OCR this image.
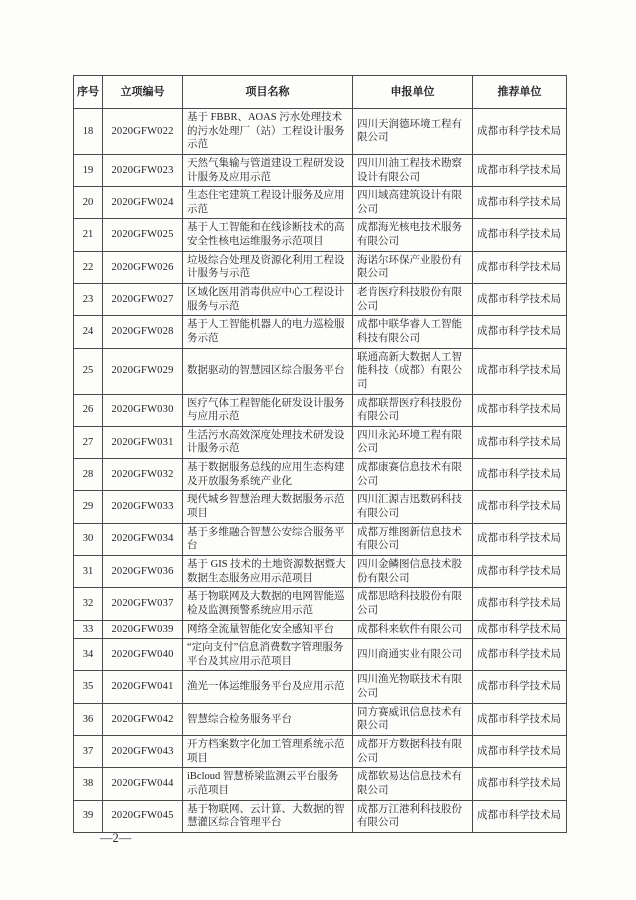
序号	立项编号	项目名称	申报单位	推荐单位
18	2020GFW022	基于 FBBR、AOAS 污水处理技术的污水处理厂（站）工程设计服务示范	四川天润德环境工程有限公司	成都市科学技术局
19	2020GFW023	天然气集输与管道建设工程研发设计服务及应用示范	四川川油工程技术勘察设计有限公司	成都市科学技术局
20	2020GFW024	生态住宅建筑工程设计服务及应用示范	四川域高建筑设计有限公司	成都市科学技术局
21	2020GFW025	基于人工智能和在线诊断技术的高安全性核电运维服务示范项目	成都海光核电技术服务有限公司	成都市科学技术局
22	2020GFW026	垃圾综合处理及资源化利用工程设计服务与示范	海诺尔环保产业股份有限公司	成都市科学技术局
23	2020GFW027	区域化医用消毒供应中心工程设计服务与示范	老肯医疗科技股份有限公司	成都市科学技术局
24	2020GFW028	基于人工智能机器人的电力巡检服务示范	成都中联华睿人工智能科技有限公司	成都市科学技术局
25	2020GFW029	数据驱动的智慧园区综合服务平台	联通高新大数据人工智能科技（成都）有限公司	成都市科学技术局
26	2020GFW030	医疗气体工程智能化研发设计服务与应用示范	成都联帮医疗科技股份有限公司	成都市科学技术局
27	2020GFW031	生活污水高效深度处理技术研发设计服务示范	四川永沁环境工程有限公司	成都市科学技术局
28	2020GFW032	基于数据服务总线的应用生态构建及开放服务系统产业化	成都康赛信息技术有限公司	成都市科学技术局
29	2020GFW033	现代城乡智慧治理大数据服务示范项目	四川汇源吉迅数码科技有限公司	成都市科学技术局
30	2020GFW034	基于多维融合智慧公安综合服务平台	成都万维图新信息技术有限公司	成都市科学技术局
31	2020GFW036	基于 GIS 技术的土地资源数据暨大数据生态服务应用示范项目	四川金鳞图信息技术股份有限公司	成都市科学技术局
32	2020GFW037	基于物联网及大数据的电网智能巡检及监测预警系统应用示范	成都思晗科技股份有限公司	成都市科学技术局
33	2020GFW039	网络全流量智能化安全感知平台	成都科来软件有限公司	成都市科学技术局
34	2020GFW040	“定向支付”信息消费数字管理服务平台及其应用示范项目	四川商通实业有限公司	成都市科学技术局
35	2020GFW041	渔光一体运维服务平台及应用示范	四川渔光物联技术有限公司	成都市科学技术局
36	2020GFW042	智慧综合检务服务平台	同方赛威讯信息技术有限公司	成都市科学技术局
37	2020GFW043	开方档案数字化加工管理系统示范项目	成都开方数据科技有限公司	成都市科学技术局
38	2020GFW044	iBcloud 智慧桥梁监测云平台服务示范项目	成都软易达信息技术有限公司	成都市科学技术局
39	2020GFW045	基于物联网、云计算、大数据的智慧灌区综合管理平台	成都万江港利科技股份有限公司	成都市科学技术局
—2—
